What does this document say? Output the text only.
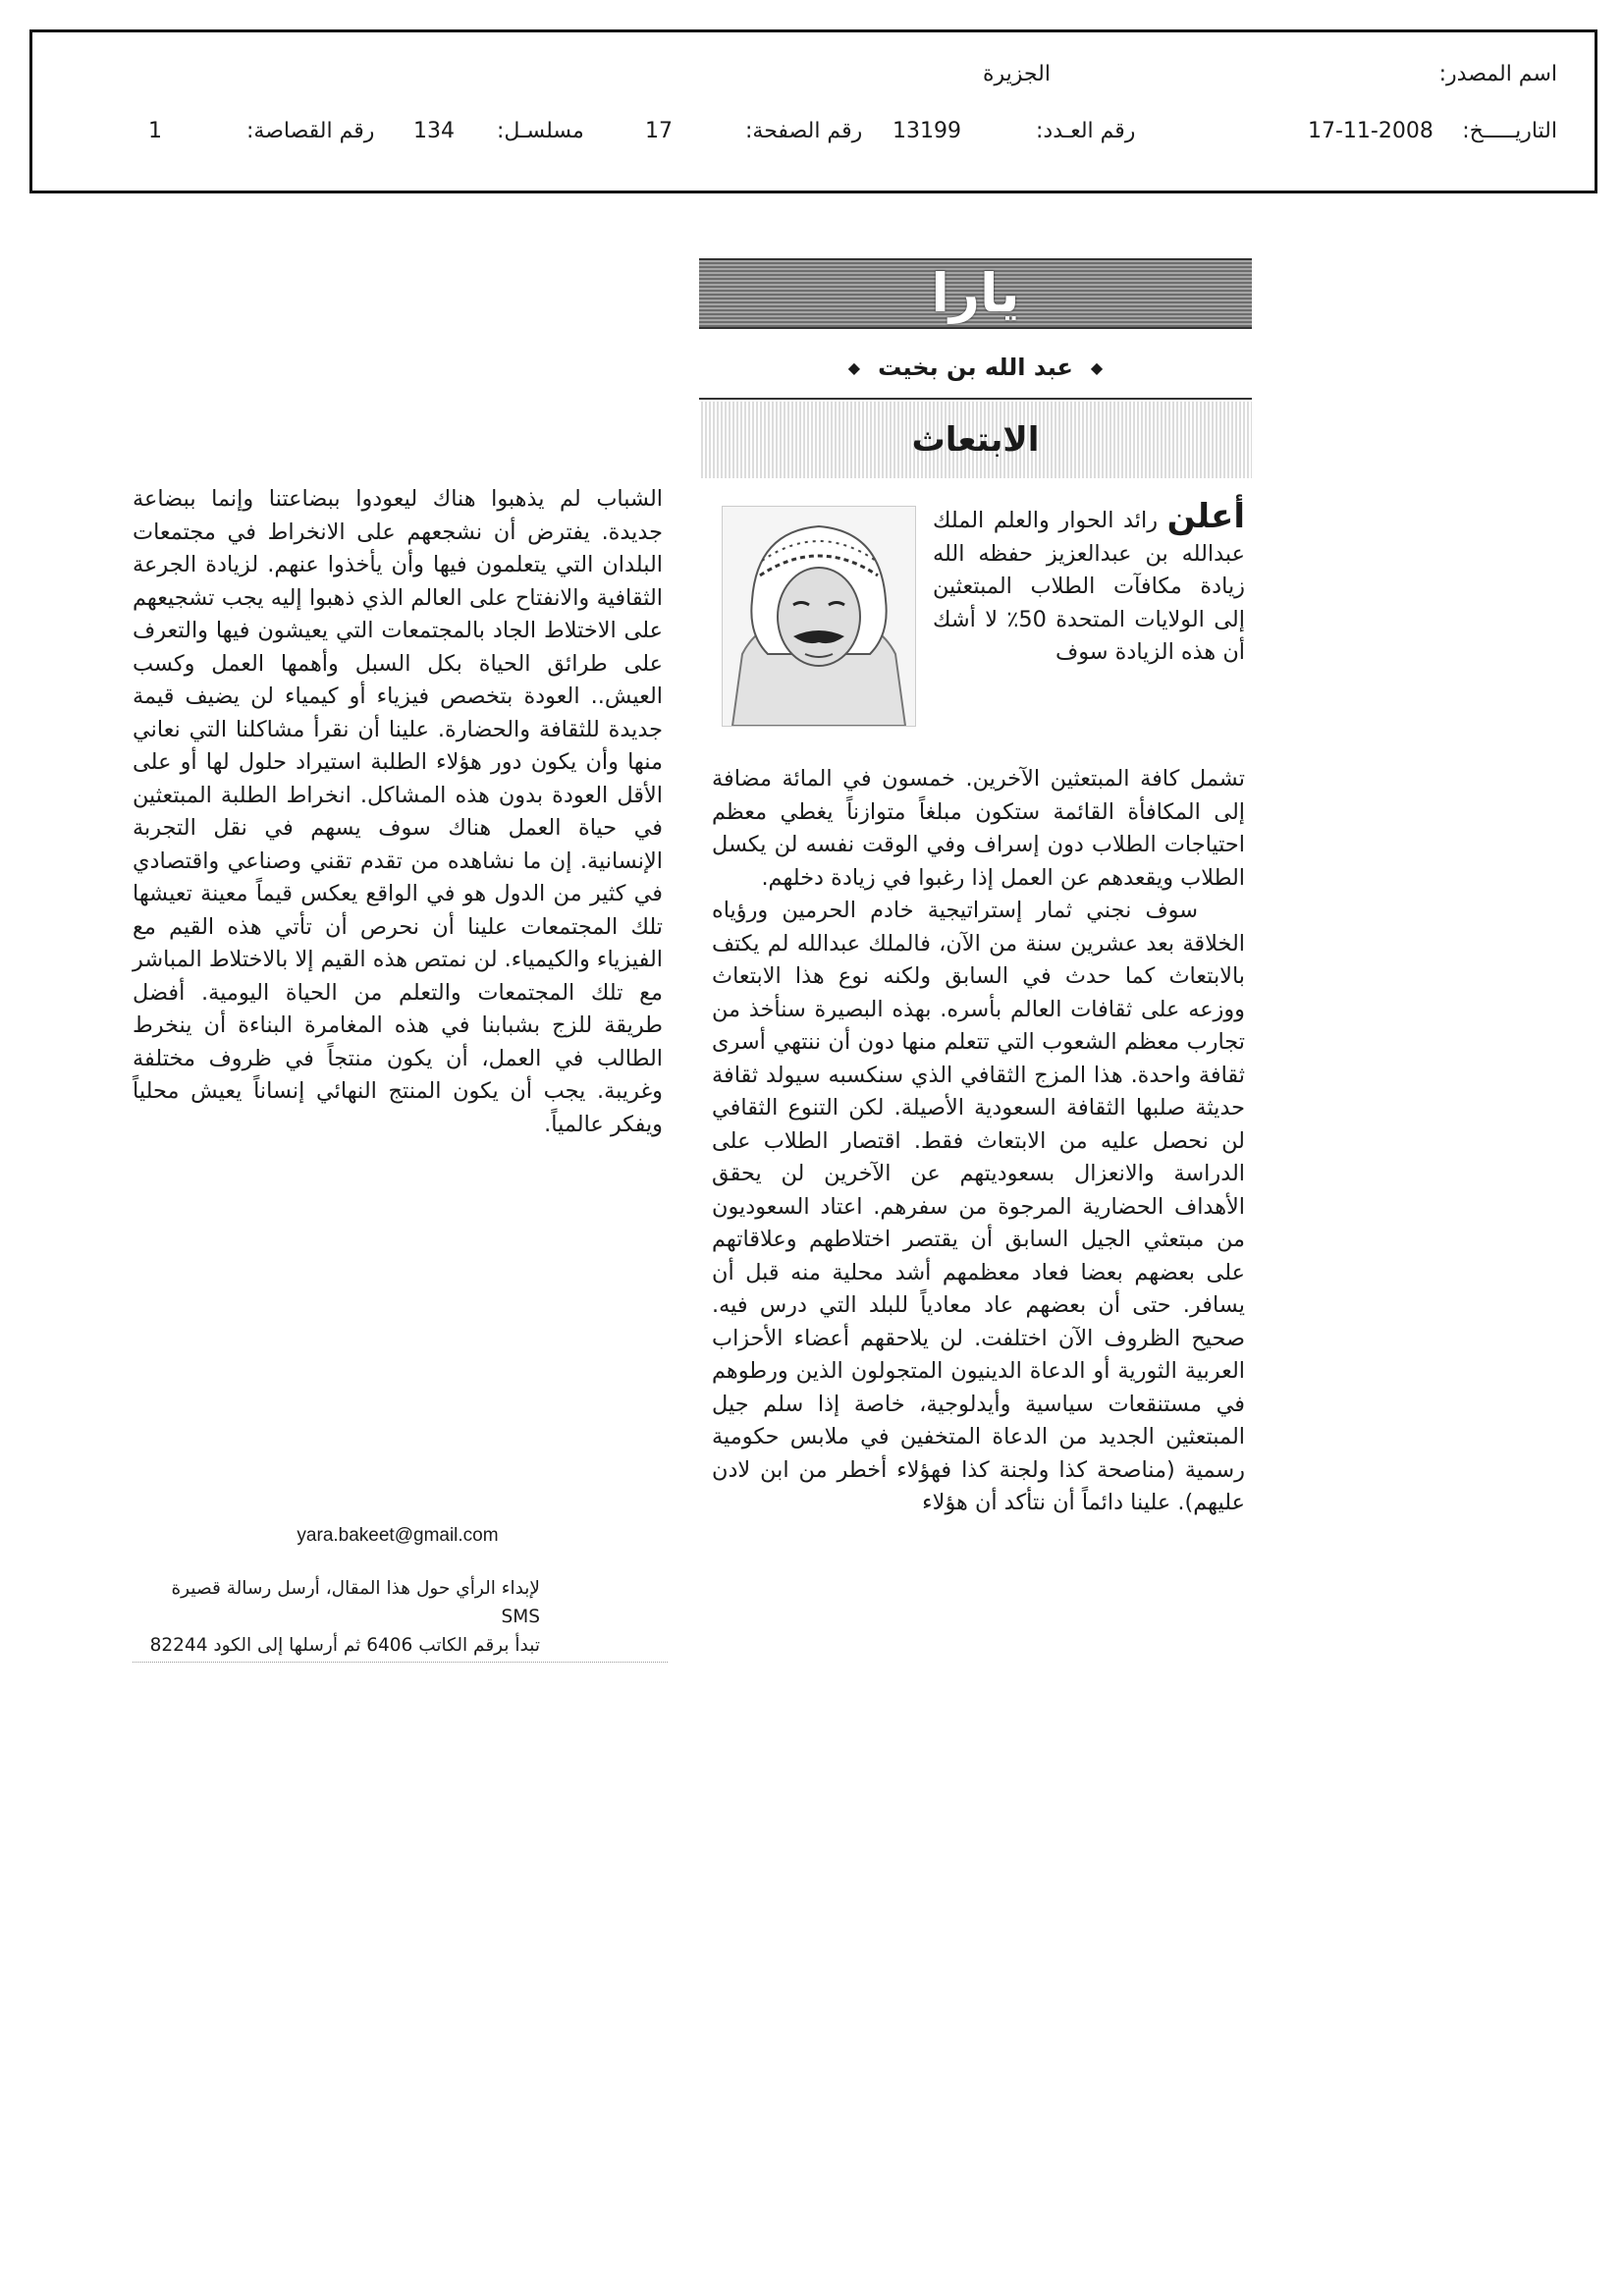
اسم المصدر:
الجزيرة
التاريـــــخ:
17-11-2008
رقم العـدد:
13199
رقم الصفحة:
17
مسلسـل:
134
رقم القصاصة:
1
يارا
◆
عبد الله بن بخيت
◆
الابتعاث

أعلن رائد الحوار والعلم الملك عبدالله بن عبدالعزيز حفظه الله زيادة مكافآت الطلاب المبتعثين إلى الولايات المتحدة 50٪ لا أشك أن هذه الزيادة سوف

تشمل كافة المبتعثين الآخرين. خمسون في المائة مضافة إلى المكافأة القائمة ستكون مبلغاً متوازناً يغطي معظم احتياجات الطلاب دون إسراف وفي الوقت نفسه لن يكسل الطلاب ويقعدهم عن العمل إذا رغبوا في زيادة دخلهم.

سوف نجني ثمار إستراتيجية خادم الحرمين ورؤياه الخلاقة بعد عشرين سنة من الآن، فالملك عبدالله لم يكتف بالابتعاث كما حدث في السابق ولكنه نوع هذا الابتعاث ووزعه على ثقافات العالم بأسره. بهذه البصيرة سنأخذ من تجارب معظم الشعوب التي تتعلم منها دون أن ننتهي أسرى ثقافة واحدة. هذا المزج الثقافي الذي سنكسبه سيولد ثقافة حديثة صلبها الثقافة السعودية الأصيلة. لكن التنوع الثقافي لن نحصل عليه من الابتعاث فقط. اقتصار الطلاب على الدراسة والانعزال بسعوديتهم عن الآخرين لن يحقق الأهداف الحضارية المرجوة من سفرهم. اعتاد السعوديون من مبتعثي الجيل السابق أن يقتصر اختلاطهم وعلاقاتهم على بعضهم بعضا فعاد معظمهم أشد محلية منه قبل أن يسافر. حتى أن بعضهم عاد معادياً للبلد التي درس فيه. صحيح الظروف الآن اختلفت. لن يلاحقهم أعضاء الأحزاب العربية الثورية أو الدعاة الدينيون المتجولون الذين ورطوهم في مستنقعات سياسية وأيدلوجية، خاصة إذا سلم جيل المبتعثين الجديد من الدعاة المتخفين في ملابس حكومية رسمية (مناصحة كذا ولجنة كذا فهؤلاء أخطر من ابن لادن عليهم). علينا دائماً أن نتأكد أن هؤلاء

الشباب لم يذهبوا هناك ليعودوا ببضاعتنا وإنما ببضاعة جديدة. يفترض أن نشجعهم على الانخراط في مجتمعات البلدان التي يتعلمون فيها وأن يأخذوا عنهم. لزيادة الجرعة الثقافية والانفتاح على العالم الذي ذهبوا إليه يجب تشجيعهم على الاختلاط الجاد بالمجتمعات التي يعيشون فيها والتعرف على طرائق الحياة بكل السبل وأهمها العمل وكسب العيش.. العودة بتخصص فيزياء أو كيمياء لن يضيف قيمة جديدة للثقافة والحضارة. علينا أن نقرأ مشاكلنا التي نعاني منها وأن يكون دور هؤلاء الطلبة استيراد حلول لها أو على الأقل العودة بدون هذه المشاكل. انخراط الطلبة المبتعثين في حياة العمل هناك سوف يسهم في نقل التجربة الإنسانية. إن ما نشاهده من تقدم تقني وصناعي واقتصادي في كثير من الدول هو في الواقع يعكس قيماً معينة تعيشها تلك المجتمعات علينا أن نحرص أن تأتي هذه القيم مع الفيزياء والكيمياء. لن نمتص هذه القيم إلا بالاختلاط المباشر مع تلك المجتمعات والتعلم من الحياة اليومية. أفضل طريقة للزج بشبابنا في هذه المغامرة البناءة أن ينخرط الطالب في العمل، أن يكون منتجاً في ظروف مختلفة وغريبة. يجب أن يكون المنتج النهائي إنساناً يعيش محلياً ويفكر عالمياً.

yara.bakeet@gmail.com

لإبداء الرأي حول هذا المقال، أرسل رسالة قصيرة SMS

تبدأ برقم الكاتب 6406 ثم أرسلها إلى الكود 82244
